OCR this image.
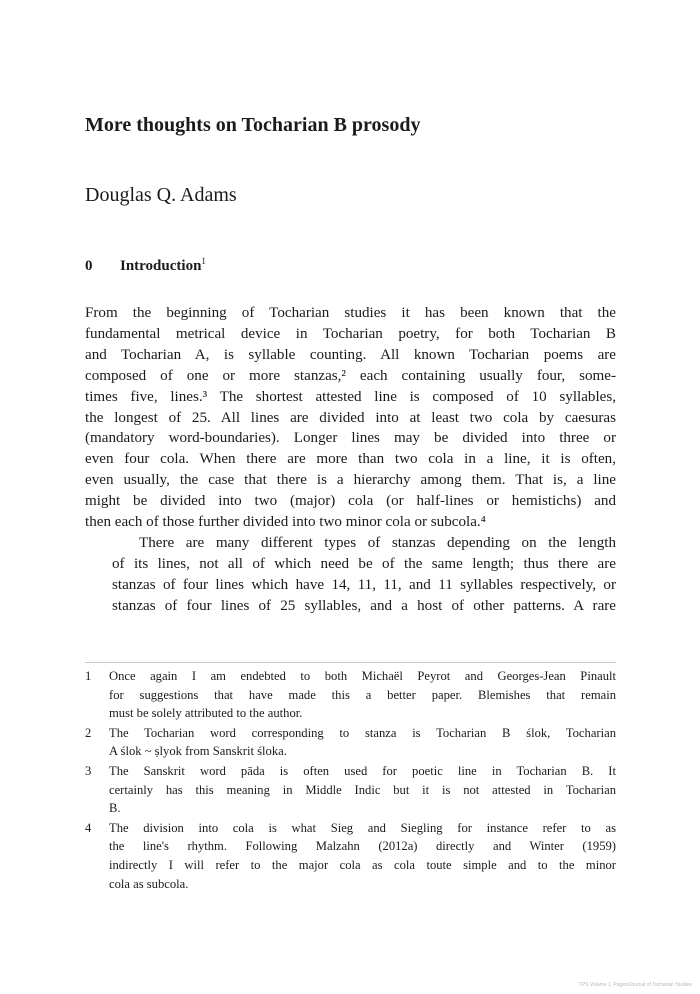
More thoughts on Tocharian B prosody
Douglas Q. Adams
0 Introduction$^1$

From the beginning of Tocharian studies it has been known that the
fundamental metrical device in Tocharian poetry, for both Tocharian B
and Tocharian A, is syllable counting. All known Tocharian poems are
composed of one or more stanzas,² each containing usually four, some-
times five, lines.³ The shortest attested line is composed of 10 syllables,
the longest of 25. All lines are divided into at least two cola by caesuras
(mandatory word-boundaries). Longer lines may be divided into three or
even four cola. When there are more than two cola in a line, it is often,
even usually, the case that there is a hierarchy among them. That is, a line
might be divided into two (major) cola (or half-lines or hemistichs) and
then each of those further divided into two minor cola or subcola.⁴

There are many different types of stanzas depending on the length
of its lines, not all of which need be of the same length; thus there are
stanzas of four lines which have 14, 11, 11, and 11 syllables respectively, or
stanzas of four lines of 25 syllables, and a host of other patterns. A rare

1	Once again I am endebted to both Michaël Peyrot and Georges-Jean Pinault
for suggestions that have made this a better paper. Blemishes that remain
must be solely attributed to the author.
2	The Tocharian word corresponding to stanza is Tocharian B ślok, Tocharian
A ślok ~ ṣlyok from Sanskrit śloka.
3	The Sanskrit word pāda is often used for poetic line in Tocharian B. It
certainly has this meaning in Middle Indic but it is not attested in Tocharian
B.
4	The division into cola is what Sieg and Siegling for instance refer to as
the line's rhythm. Following Malzahn (2012a) directly and Winter (1959)
indirectly I will refer to the major cola as cola toute simple and to the minor
cola as subcola.
TPS Volume 1, Pages/Journal of Tocharian Studies
